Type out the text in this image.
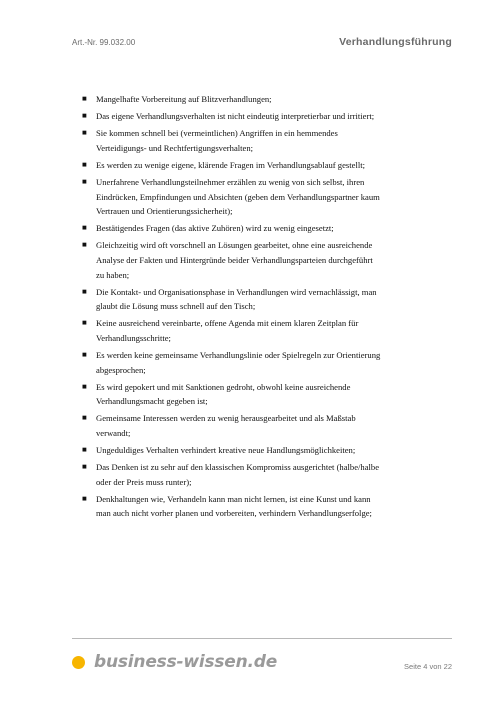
Art.-Nr. 99.032.00	Verhandlungsführung
■	Mangelhafte Vorbereitung auf Blitzverhandlungen;
■	Das eigene Verhandlungsverhalten ist nicht eindeutig interpretierbar und irritiert;
■	Sie kommen schnell bei (vermeintlichen) Angriffen in ein hemmendes Verteidigungs- und Rechtfertigungsverhalten;
■	Es werden zu wenige eigene, klärende Fragen im Verhandlungsablauf gestellt;
■	Unerfahrene Verhandlungsteilnehmer erzählen zu wenig von sich selbst, ihren Eindrücken, Empfindungen und Absichten (geben dem Verhandlungspartner kaum Vertrauen und Orientierungssicherheit);
■	Bestätigendes Fragen (das aktive Zuhören) wird zu wenig eingesetzt;
■	Gleichzeitig wird oft vorschnell an Lösungen gearbeitet, ohne eine ausreichende Analyse der Fakten und Hintergründe beider Verhandlungsparteien durchgeführt zu haben;
■	Die Kontakt- und Organisationsphase in Verhandlungen wird vernachlässigt, man glaubt die Lösung muss schnell auf den Tisch;
■	Keine ausreichend vereinbarte, offene Agenda mit einem klaren Zeitplan für Verhandlungsschritte;
■	Es werden keine gemeinsame Verhandlungslinie oder Spielregeln zur Orientierung abgesprochen;
■	Es wird gepokert und mit Sanktionen gedroht, obwohl keine ausreichende Verhandlungsmacht gegeben ist;
■	Gemeinsame Interessen werden zu wenig herausgearbeitet und als Maßstab verwandt;
■	Ungeduldiges Verhalten verhindert kreative neue Handlungsmöglichkeiten;
■	Das Denken ist zu sehr auf den klassischen Kompromiss ausgerichtet (halbe/halbe oder der Preis muss runter);
■	Denkhaltungen wie, Verhandeln kann man nicht lernen, ist eine Kunst und kann man auch nicht vorher planen und vorbereiten, verhindern Verhandlungserfolge;
business-wissen.de	Seite 4 von 22
